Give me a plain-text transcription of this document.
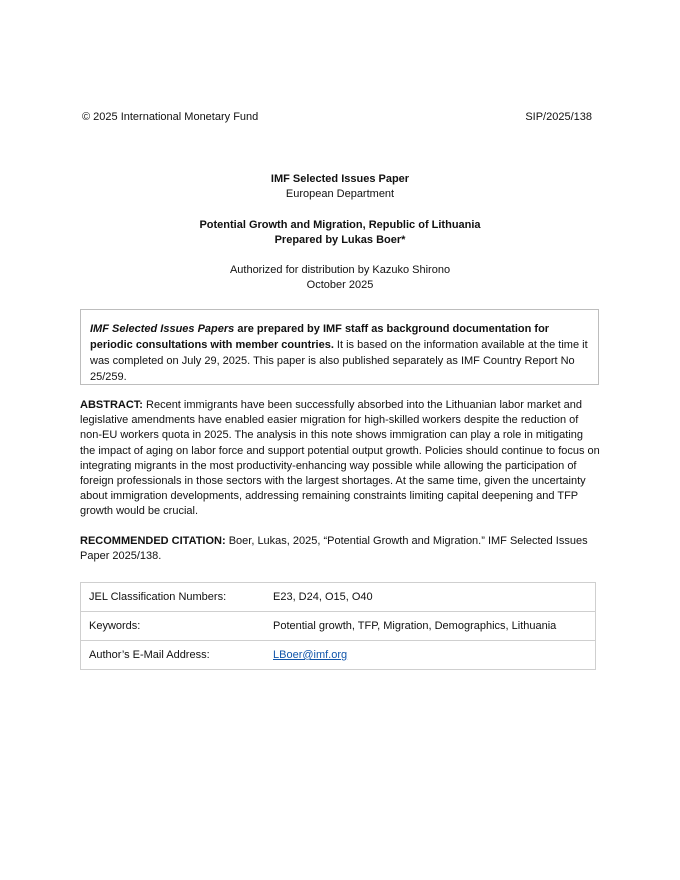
© 2025 International Monetary Fund	SIP/2025/138
IMF Selected Issues Paper
European Department
Potential Growth and Migration, Republic of Lithuania
Prepared by Lukas Boer*
Authorized for distribution by Kazuko Shirono
October 2025
IMF Selected Issues Papers are prepared by IMF staff as background documentation for periodic consultations with member countries. It is based on the information available at the time it was completed on July 29, 2025. This paper is also published separately as IMF Country Report No 25/259.
ABSTRACT: Recent immigrants have been successfully absorbed into the Lithuanian labor market and legislative amendments have enabled easier migration for high-skilled workers despite the reduction of non-EU workers quota in 2025. The analysis in this note shows immigration can play a role in mitigating the impact of aging on labor force and support potential output growth. Policies should continue to focus on integrating migrants in the most productivity-enhancing way possible while allowing the participation of foreign professionals in those sectors with the largest shortages. At the same time, given the uncertainty about immigration developments, addressing remaining constraints limiting capital deepening and TFP growth would be crucial.
RECOMMENDED CITATION: Boer, Lukas, 2025, “Potential Growth and Migration.” IMF Selected Issues Paper 2025/138.
JEL Classification Numbers:	E23, D24, O15, O40
Keywords:	Potential growth, TFP, Migration, Demographics, Lithuania
Author’s E-Mail Address:	LBoer@imf.org
